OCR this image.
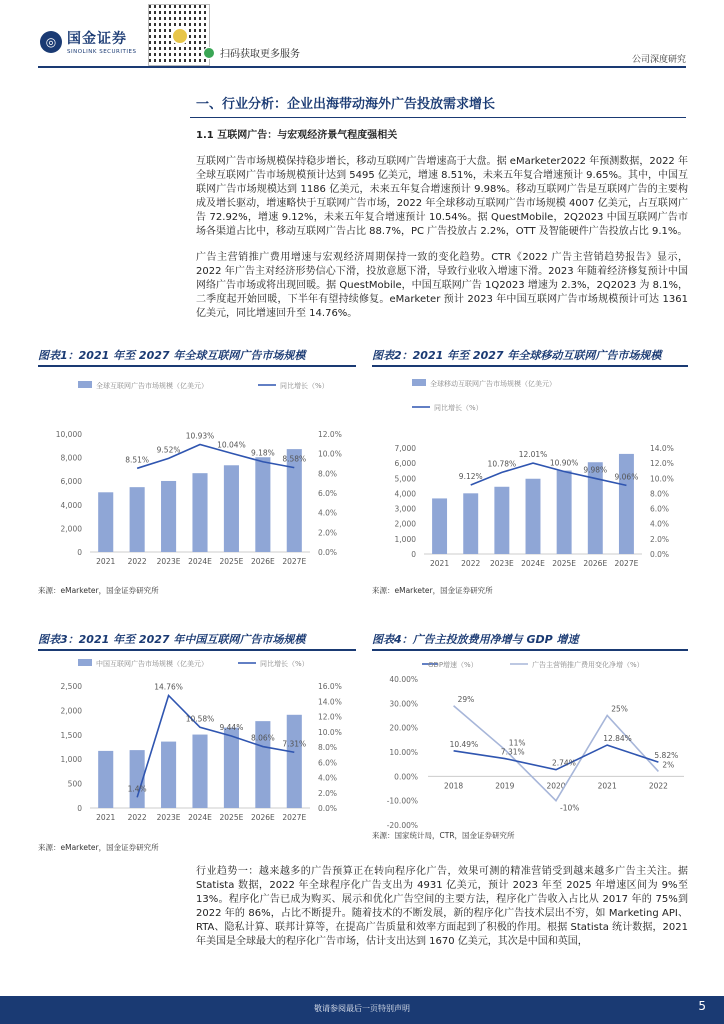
◎ 国金证券
SINOLINK SECURITIES	扫码获取更多服务	公司深度研究
一、行业分析：企业出海带动海外广告投放需求增长
1.1 互联网广告：与宏观经济景气程度强相关
互联网广告市场规模保持稳步增长，移动互联网广告增速高于大盘。据 eMarketer2022 年预测数据，2022 年全球互联网广告市场规模预计达到 5495 亿美元，增速 8.51%，未来五年复合增速预计 9.65%。其中，中国互联网广告市场规模达到 1186 亿美元，未来五年复合增速预计 9.98%。移动互联网广告是互联网广告的主要构成及增长驱动，增速略快于互联网广告市场，2022 年全球移动互联网广告市场规模 4007 亿美元，占互联网广告 72.92%，增速 9.12%，未来五年复合增速预计 10.54%。据 QuestMobile，2Q2023 中国互联网广告市场各渠道占比中，移动互联网广告占比 88.7%，PC 广告投放占 2.2%，OTT 及智能硬件广告投放占比 9.1%。
广告主营销推广费用增速与宏观经济周期保持一致的变化趋势。CTR《2022 广告主营销趋势报告》显示，2022 年广告主对经济形势信心下滑，投放意愿下滑，导致行业收入增速下滑。2023 年随着经济修复预计中国网络广告市场或将出现回暖。据 QuestMobile，中国互联网广告 1Q2023 增速为 2.3%，2Q2023 为 8.1%，二季度起开始回暖，下半年有望持续修复。eMarketer 预计 2023 年中国互联网广告市场规模预计可达 1361 亿美元，同比增速回升至 14.76%。
图表1：2021 年至 2027 年全球互联网广告市场规模
全球互联网广告市场规模（亿美元）	同比增长（%）
0
2,000
4,000
6,000
8,000
10,000
0.0%
2.0%
4.0%
6.0%
8.0%
10.0%
12.0%
2021 2022 2023E 2024E 2025E 2026E 2027E
8.51%
9.52%
10.93%
10.04%
9.18%
8.58%
来源：eMarketer，国金证券研究所
图表2：2021 年至 2027 年全球移动互联网广告市场规模
全球移动互联网广告市场规模（亿美元）
同比增长（%）
0
1,000
2,000
3,000
4,000
5,000
6,000
7,000
0.0%
2.0%
4.0%
6.0%
8.0%
10.0%
12.0%
14.0%
2021 2022 2023E 2024E 2025E 2026E 2027E
9.12%
10.78%
12.01%
10.90%
9.98%
9.06%
来源：eMarketer，国金证券研究所
图表3：2021 年至 2027 年中国互联网广告市场规模
中国互联网广告市场规模（亿美元）	同比增长（%）
0
500
1,000
1,500
2,000
2,500
0.0%
2.0%
4.0%
6.0%
8.0%
10.0%
12.0%
14.0%
16.0%
2021 2022 2023E 2024E 2025E 2026E 2027E
1.4%
14.76%
10.58%
9.44%
8.06%
7.31%
来源：eMarketer，国金证券研究所
图表4：广告主投放费用净增与 GDP 增速
GDP增速（%）	广告主营销推广费用变化净增（%）
-20.00%
-10.00%
0.00%
10.00%
20.00%
30.00%
40.00%
2018	2019	2020	2021	2022
29%
11%
-10%
25%
2%
10.49%
7.31%
2.74%
12.84%
5.82%
来源：国家统计局，CTR，国金证券研究所
行业趋势一：越来越多的广告预算正在转向程序化广告，效果可测的精准营销受到越来越多广告主关注。据 Statista 数据，2022 年全球程序化广告支出为 4931 亿美元，预计 2023 年至 2025 年增速区间为 9%至 13%。程序化广告已成为购买、展示和优化广告空间的主要方法，程序化广告收入占比从 2017 年的 75%到 2022 年的 86%，占比不断提升。随着技术的不断发展，新的程序化广告技术层出不穷，如 Marketing API、RTA、隐私计算、联邦计算等，在提高广告质量和效率方面起到了积极的作用。根据 Statista 统计数据，2021 年美国是全球最大的程序化广告市场，估计支出达到 1670 亿美元，其次是中国和英国，
敬请参阅最后一页特别声明	5
